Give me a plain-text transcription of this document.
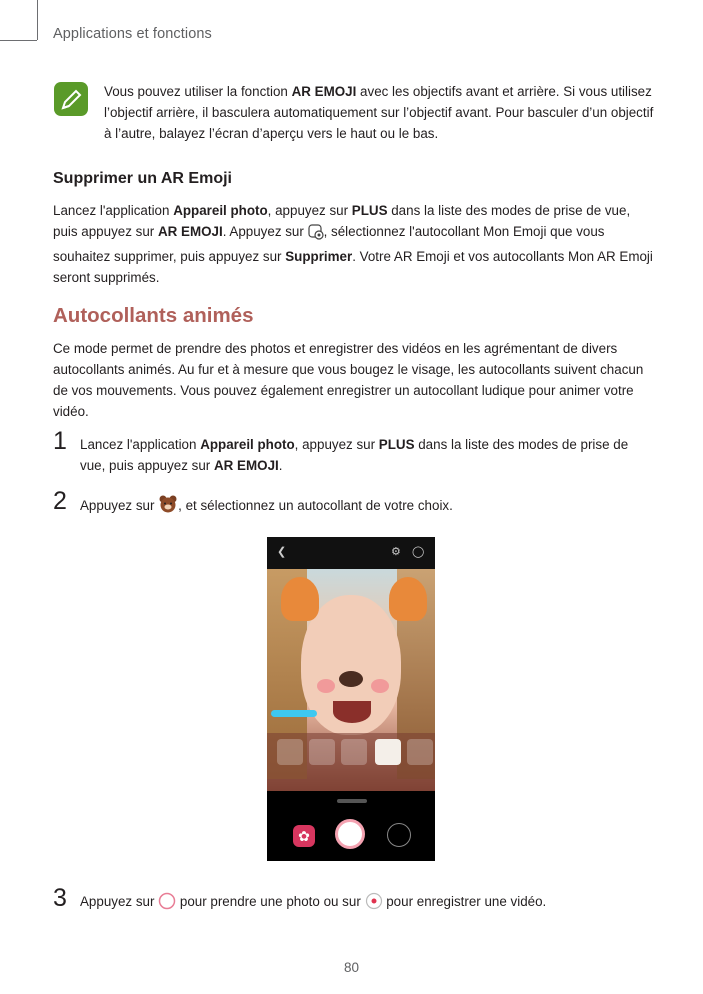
Applications et fonctions
Vous pouvez utiliser la fonction AR EMOJI avec les objectifs avant et arrière. Si vous utilisez l’objectif arrière, il basculera automatiquement sur l’objectif avant. Pour basculer d’un objectif à l’autre, balayez l’écran d’aperçu vers le haut ou le bas.
Supprimer un AR Emoji
Lancez l'application Appareil photo, appuyez sur PLUS dans la liste des modes de prise de vue, puis appuyez sur AR EMOJI. Appuyez sur , sélectionnez l'autocollant Mon Emoji que vous souhaitez supprimer, puis appuyez sur Supprimer. Votre AR Emoji et vos autocollants Mon AR Emoji seront supprimés.
Autocollants animés
Ce mode permet de prendre des photos et enregistrer des vidéos en les agrémentant de divers autocollants animés. Au fur et à mesure que vous bougez le visage, les autocollants suivent chacun de vos mouvements. Vous pouvez également enregistrer un autocollant ludique pour animer votre vidéo.
1 Lancez l'application Appareil photo, appuyez sur PLUS dans la liste des modes de prise de vue, puis appuyez sur AR EMOJI.
2 Appuyez sur , et sélectionnez un autocollant de votre choix.
❮	⚙ ◯
✿
3 Appuyez sur  pour prendre une photo ou sur  pour enregistrer une vidéo.
80
